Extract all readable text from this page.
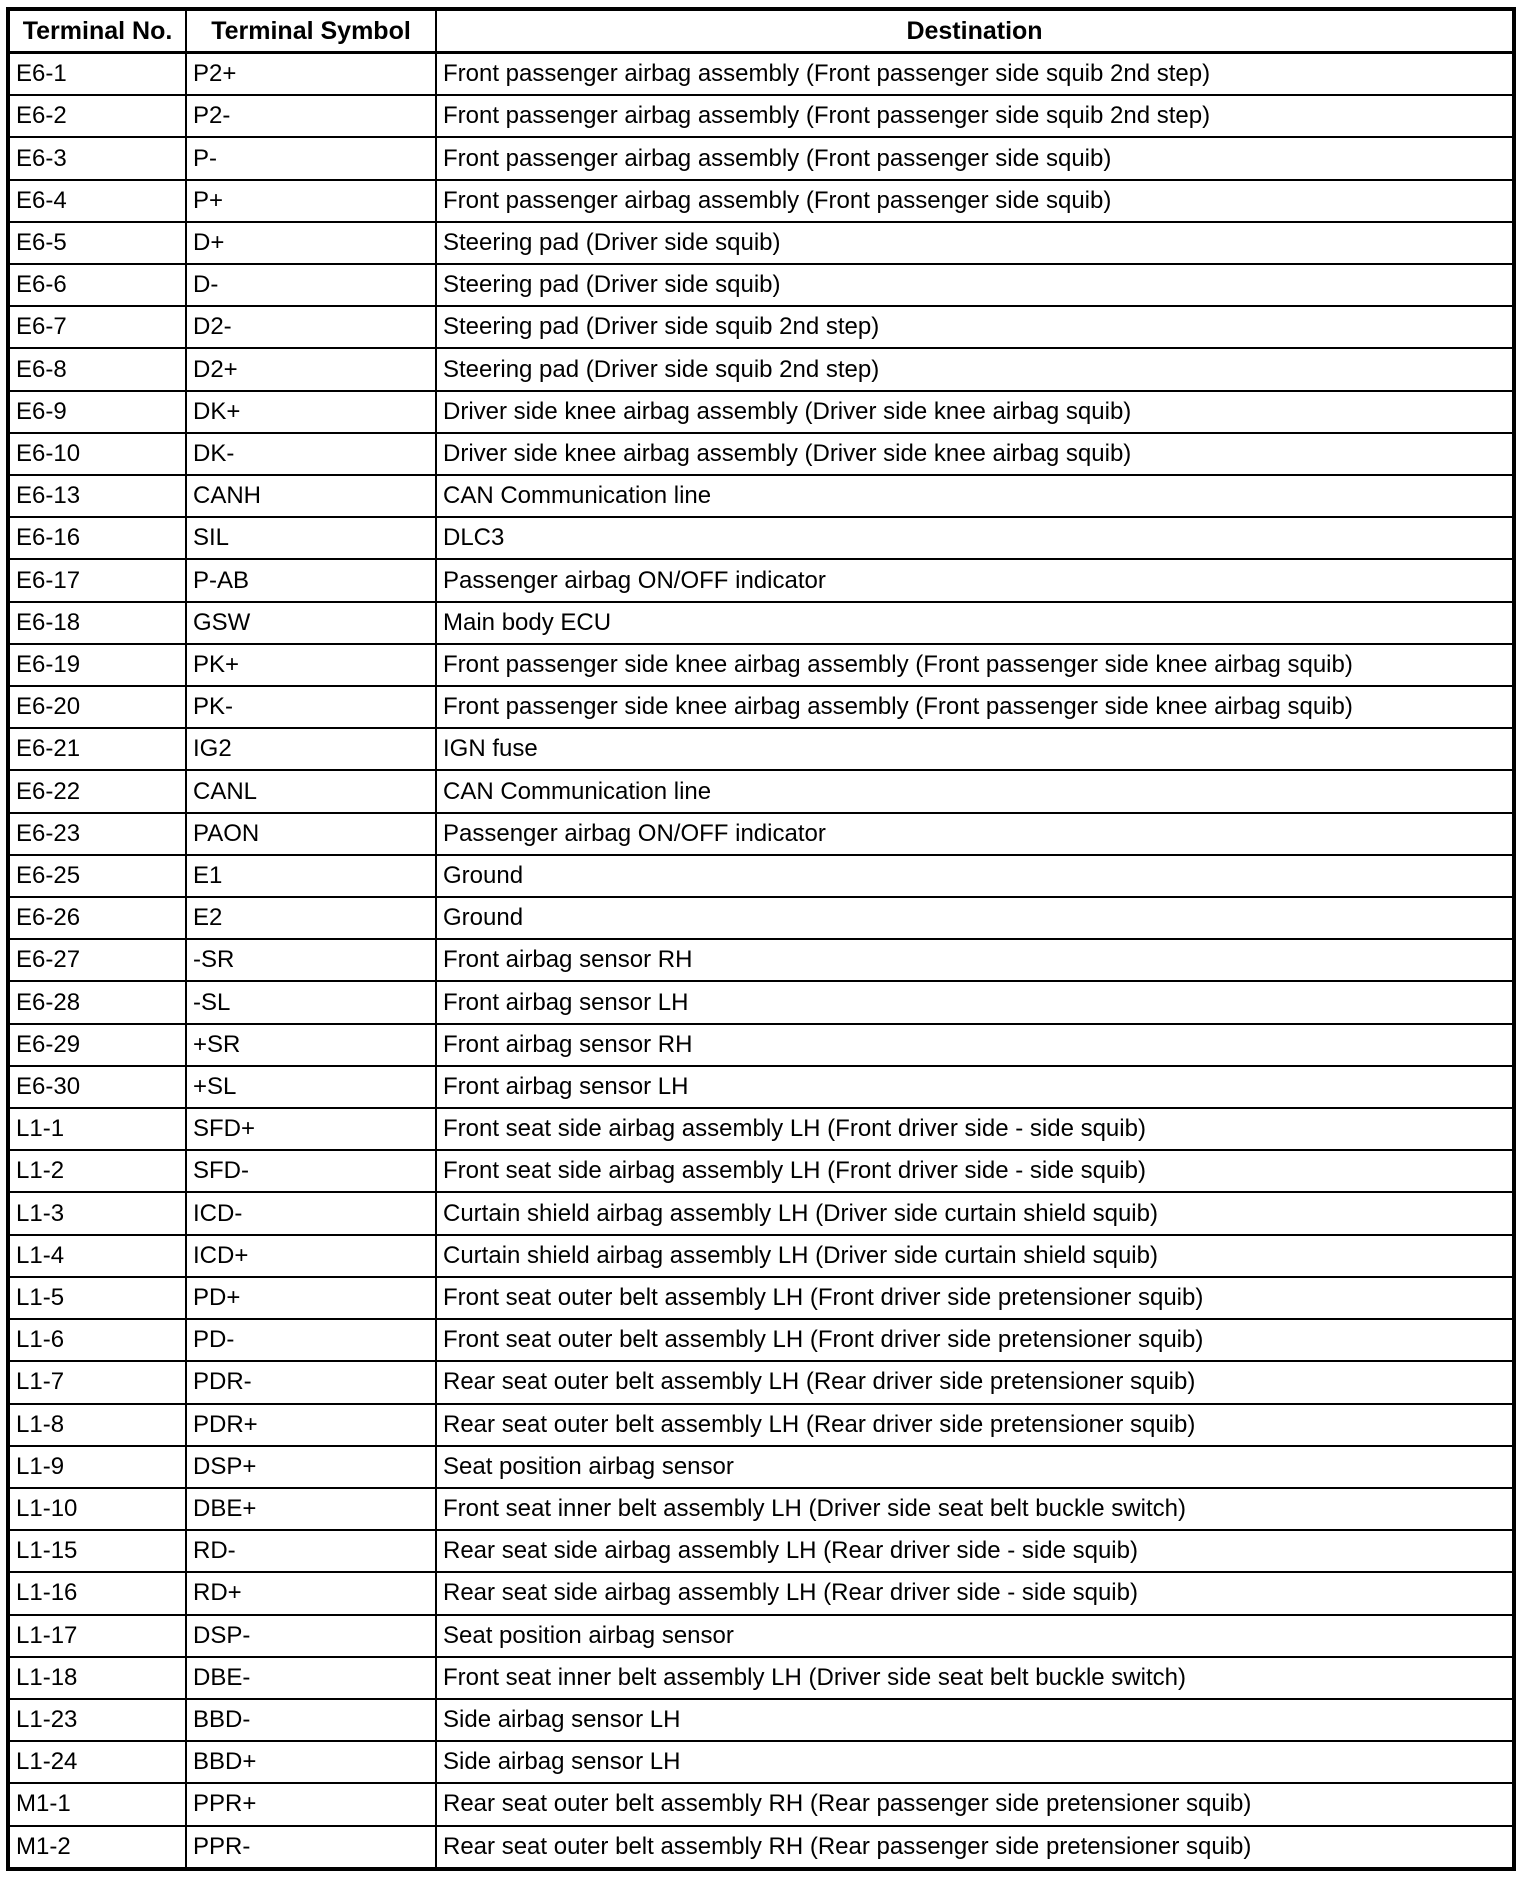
Terminal No.	Terminal Symbol	Destination
E6-1	P2+	Front passenger airbag assembly (Front passenger side squib 2nd step)
E6-2	P2-	Front passenger airbag assembly (Front passenger side squib 2nd step)
E6-3	P-	Front passenger airbag assembly (Front passenger side squib)
E6-4	P+	Front passenger airbag assembly (Front passenger side squib)
E6-5	D+	Steering pad (Driver side squib)
E6-6	D-	Steering pad (Driver side squib)
E6-7	D2-	Steering pad (Driver side squib 2nd step)
E6-8	D2+	Steering pad (Driver side squib 2nd step)
E6-9	DK+	Driver side knee airbag assembly (Driver side knee airbag squib)
E6-10	DK-	Driver side knee airbag assembly (Driver side knee airbag squib)
E6-13	CANH	CAN Communication line
E6-16	SIL	DLC3
E6-17	P-AB	Passenger airbag ON/OFF indicator
E6-18	GSW	Main body ECU
E6-19	PK+	Front passenger side knee airbag assembly (Front passenger side knee airbag squib)
E6-20	PK-	Front passenger side knee airbag assembly (Front passenger side knee airbag squib)
E6-21	IG2	IGN fuse
E6-22	CANL	CAN Communication line
E6-23	PAON	Passenger airbag ON/OFF indicator
E6-25	E1	Ground
E6-26	E2	Ground
E6-27	-SR	Front airbag sensor RH
E6-28	-SL	Front airbag sensor LH
E6-29	+SR	Front airbag sensor RH
E6-30	+SL	Front airbag sensor LH
L1-1	SFD+	Front seat side airbag assembly LH (Front driver side - side squib)
L1-2	SFD-	Front seat side airbag assembly LH (Front driver side - side squib)
L1-3	ICD-	Curtain shield airbag assembly LH (Driver side curtain shield squib)
L1-4	ICD+	Curtain shield airbag assembly LH (Driver side curtain shield squib)
L1-5	PD+	Front seat outer belt assembly LH (Front driver side pretensioner squib)
L1-6	PD-	Front seat outer belt assembly LH (Front driver side pretensioner squib)
L1-7	PDR-	Rear seat outer belt assembly LH (Rear driver side pretensioner squib)
L1-8	PDR+	Rear seat outer belt assembly LH (Rear driver side pretensioner squib)
L1-9	DSP+	Seat position airbag sensor
L1-10	DBE+	Front seat inner belt assembly LH (Driver side seat belt buckle switch)
L1-15	RD-	Rear seat side airbag assembly LH (Rear driver side - side squib)
L1-16	RD+	Rear seat side airbag assembly LH (Rear driver side - side squib)
L1-17	DSP-	Seat position airbag sensor
L1-18	DBE-	Front seat inner belt assembly LH (Driver side seat belt buckle switch)
L1-23	BBD-	Side airbag sensor LH
L1-24	BBD+	Side airbag sensor LH
M1-1	PPR+	Rear seat outer belt assembly RH (Rear passenger side pretensioner squib)
M1-2	PPR-	Rear seat outer belt assembly RH (Rear passenger side pretensioner squib)
